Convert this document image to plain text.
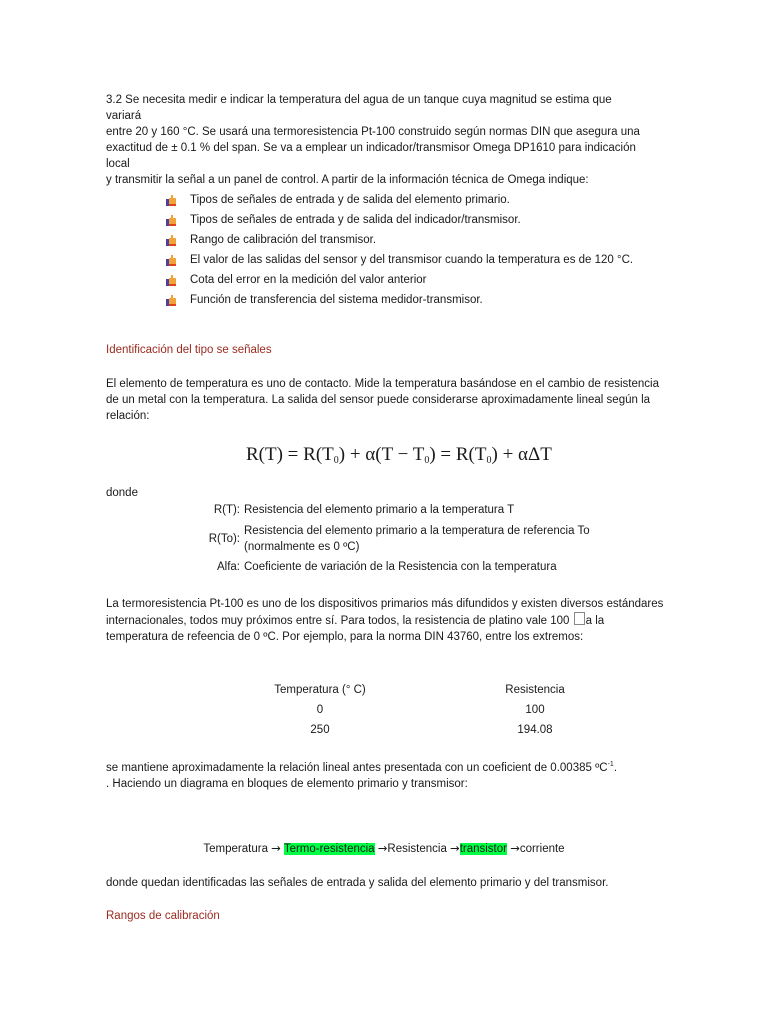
3.2 Se necesita medir e indicar la temperatura del agua de un tanque cuya magnitud se estima que variará
entre 20 y 160 °C. Se usará una termoresistencia Pt-100 construido según normas DIN que asegura una
exactitud de ± 0.1 % del span. Se va a emplear un indicador/transmisor Omega DP1610 para indicación local
y transmitir la señal a un panel de control. A partir de la información técnica de Omega indique:
Tipos de señales de entrada y de salida del elemento primario.
Tipos de señales de entrada y de salida del indicador/transmisor.
Rango de calibración del transmisor.
El valor de las salidas del sensor y del transmisor cuando la temperatura es de 120 °C.
Cota del error en la medición del valor anterior
Función de transferencia del sistema medidor-transmisor.
Identificación del tipo se señales
El elemento de temperatura es uno de contacto. Mide la temperatura basándose en el cambio de resistencia
de un metal con la temperatura. La salida del sensor puede considerarse aproximadamente lineal según la
relación:
$R(T) = R(T_0) + \alpha(T - T_0) = R(T_0) + \alpha\Delta T$
donde
R(T): Resistencia del elemento primario a la temperatura T
R(To):
Resistencia del elemento primario a la temperatura de referencia To (normalmente es 0 ºC)
Alfa: Coeficiente de variación de la Resistencia con la temperatura
La termoresistencia Pt-100 es uno de los dispositivos primarios más difundidos y existen diversos estándares
internacionales, todos muy próximos entre sí. Para todos, la resistencia de platino vale 100 a la
temperatura de refeencia de 0 ºC. Por ejemplo, para la norma DIN 43760, entre los extremos:
Temperatura (° C)	Resistencia
0	100
250	194.08
se mantiene aproximadamente la relación lineal antes presentada con un coeficient de 0.00385 ºC$^{-1}$.
. Haciendo un diagrama en bloques de elemento primario y transmisor:
Temperatura → Termo-resistencia →Resistencia →transistor →corriente
donde quedan identificadas las señales de entrada y salida del elemento primario y del transmisor.
Rangos de calibración
